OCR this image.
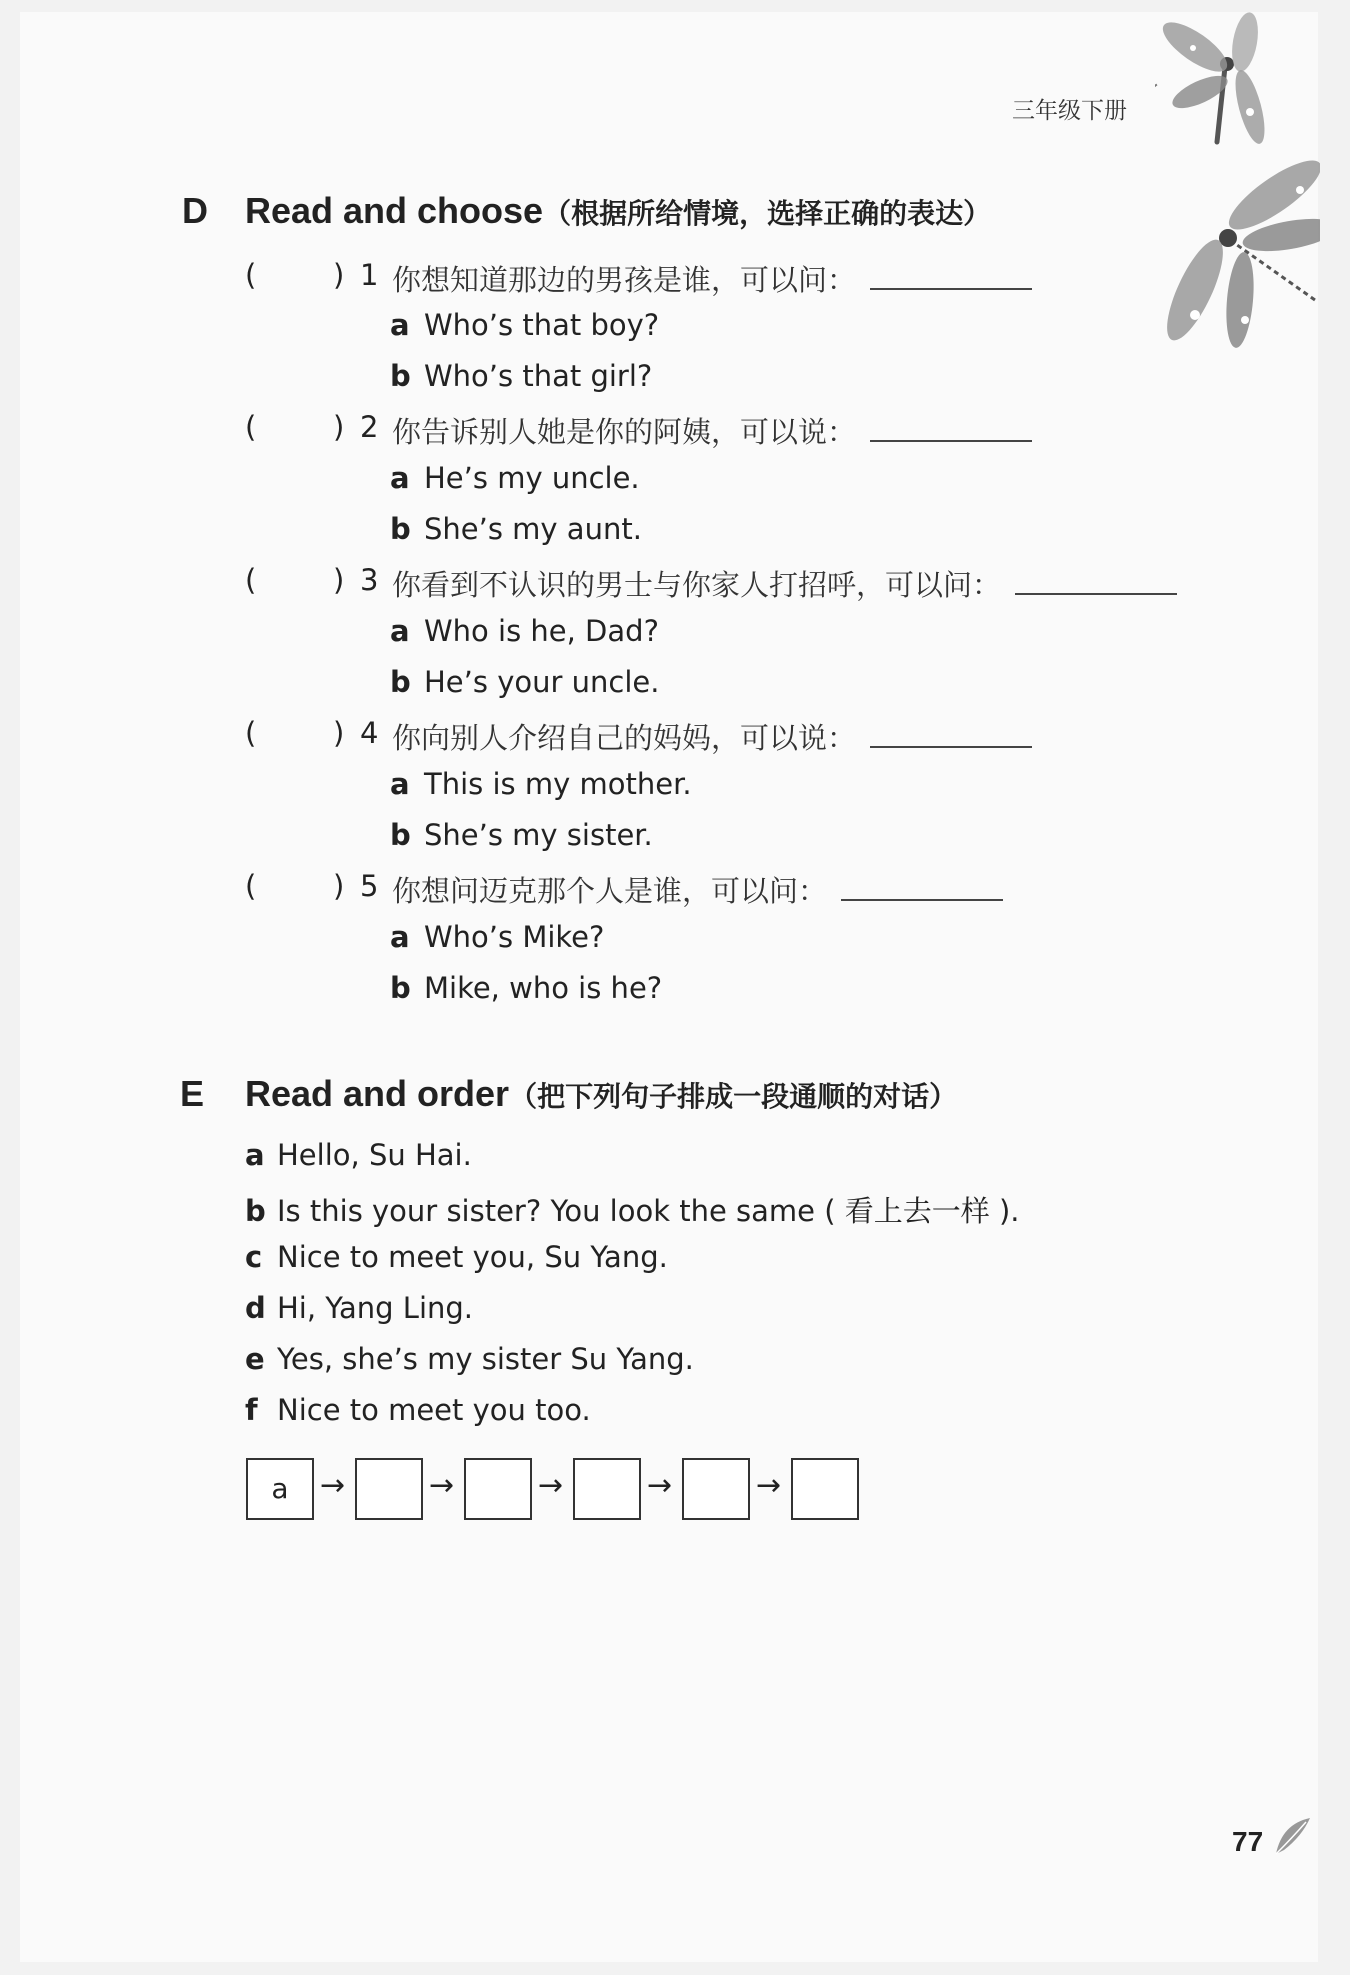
三年级下册
D Read and choose（根据所给情境，选择正确的表达）
(	) 1 你想知道那边的男孩是谁，可以问：
a Who’s that boy?
b Who’s that girl?
(	) 2 你告诉别人她是你的阿姨，可以说：
a He’s my uncle.
b She’s my aunt.
(	) 3 你看到不认识的男士与你家人打招呼，可以问：
a Who is he, Dad?
b He’s your uncle.
(	) 4 你向别人介绍自己的妈妈，可以说：
a This is my mother.
b She’s my sister.
(	) 5 你想问迈克那个人是谁，可以问：
a Who’s Mike?
b Mike, who is he?
E Read and order（把下列句子排成一段通顺的对话）
a Hello, Su Hai.
b Is this your sister? You look the same ( 看上去一样 ).
c Nice to meet you, Su Yang.
d Hi, Yang Ling.
e Yes, she’s my sister Su Yang.
f Nice to meet you too.
a	→	→	→	→	→
77
